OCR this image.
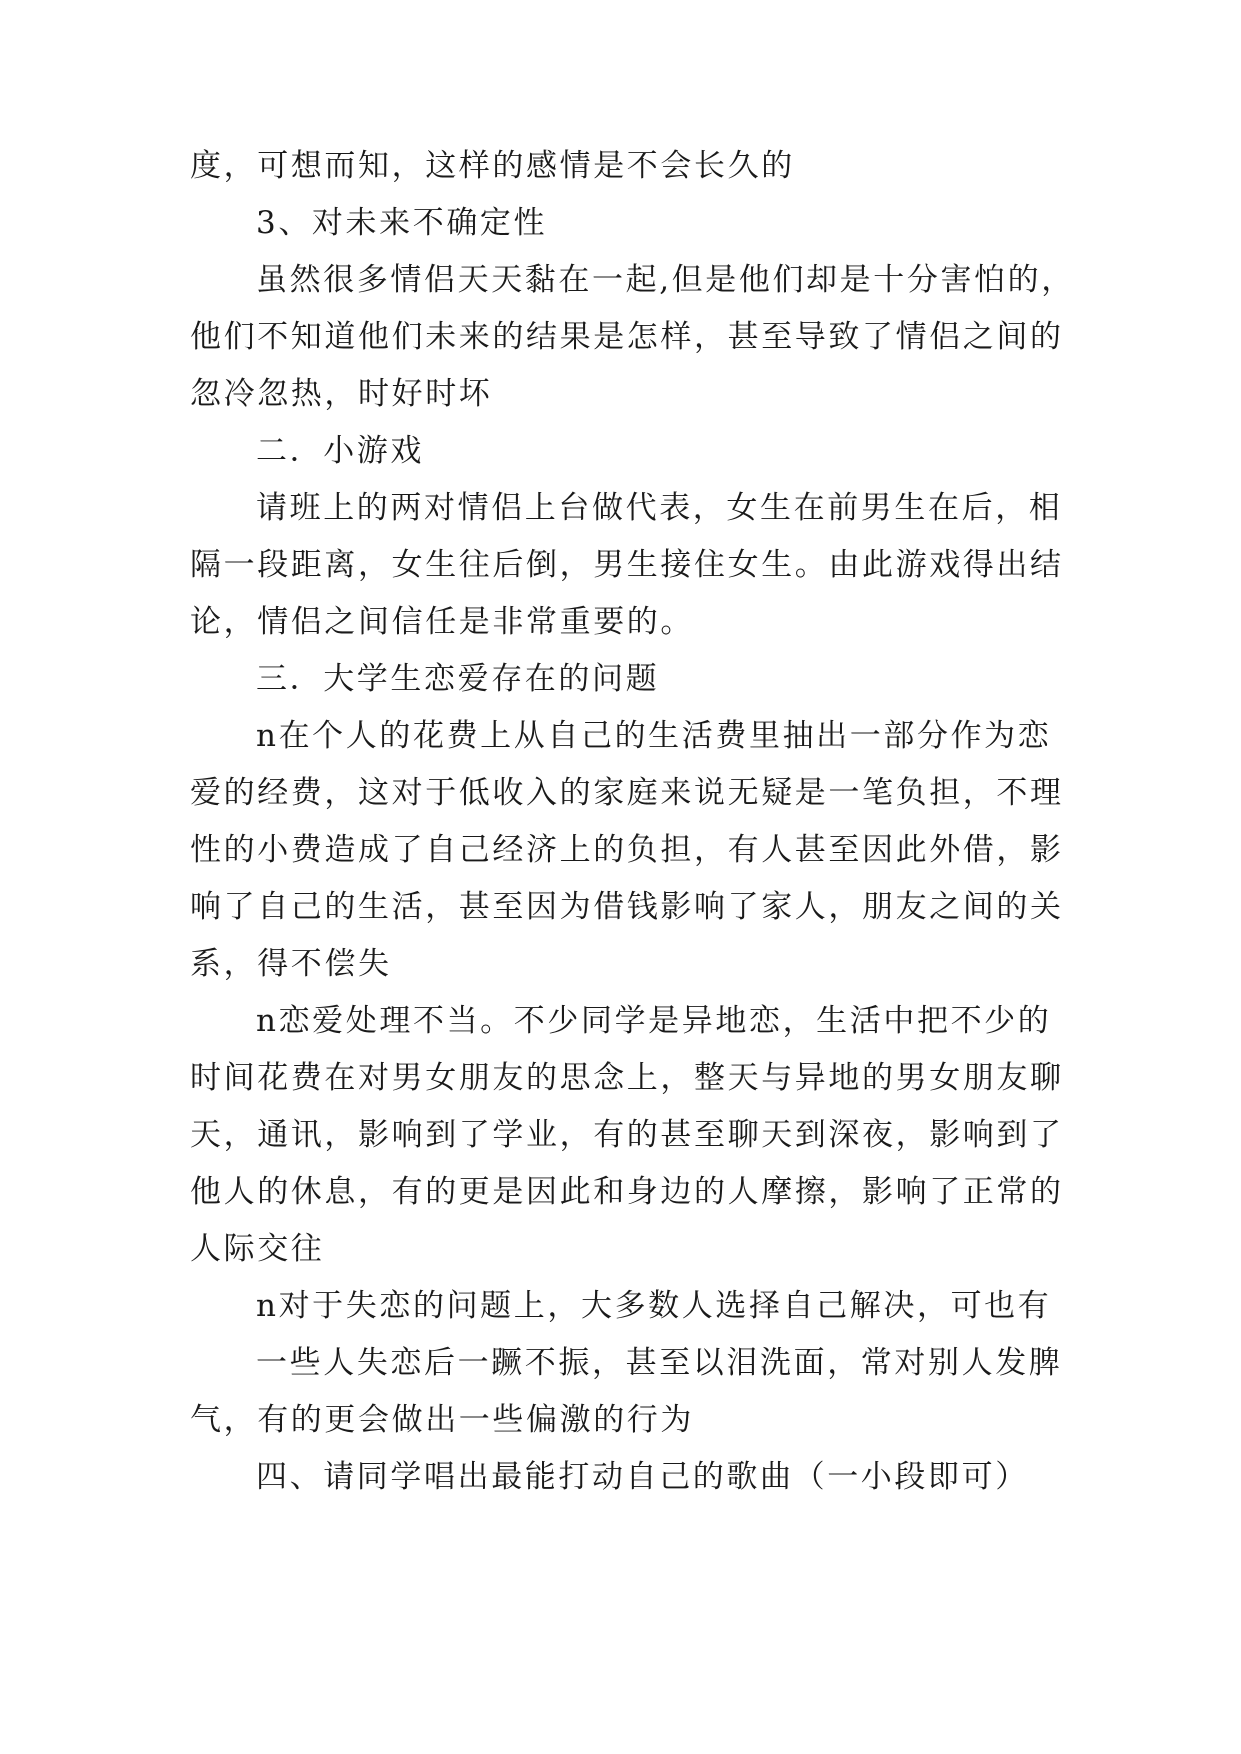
度，可想而知，这样的感情是不会长久的
3、对未来不确定性
虽然很多情侣天天黏在一起,但是他们却是十分害怕的，
他们不知道他们未来的结果是怎样，甚至导致了情侣之间的
忽冷忽热，时好时坏
二．小游戏
请班上的两对情侣上台做代表，女生在前男生在后，相
隔一段距离，女生往后倒，男生接住女生。由此游戏得出结
论，情侣之间信任是非常重要的。
三．大学生恋爱存在的问题
n在个人的花费上从自己的生活费里抽出一部分作为恋
爱的经费，这对于低收入的家庭来说无疑是一笔负担，不理
性的小费造成了自己经济上的负担，有人甚至因此外借，影
响了自己的生活，甚至因为借钱影响了家人，朋友之间的关
系，得不偿失
n恋爱处理不当。不少同学是异地恋，生活中把不少的
时间花费在对男女朋友的思念上，整天与异地的男女朋友聊
天，通讯，影响到了学业，有的甚至聊天到深夜，影响到了
他人的休息，有的更是因此和身边的人摩擦，影响了正常的
人际交往
n对于失恋的问题上，大多数人选择自己解决，可也有
一些人失恋后一蹶不振，甚至以泪洗面，常对别人发脾
气，有的更会做出一些偏激的行为
四、请同学唱出最能打动自己的歌曲（一小段即可）
